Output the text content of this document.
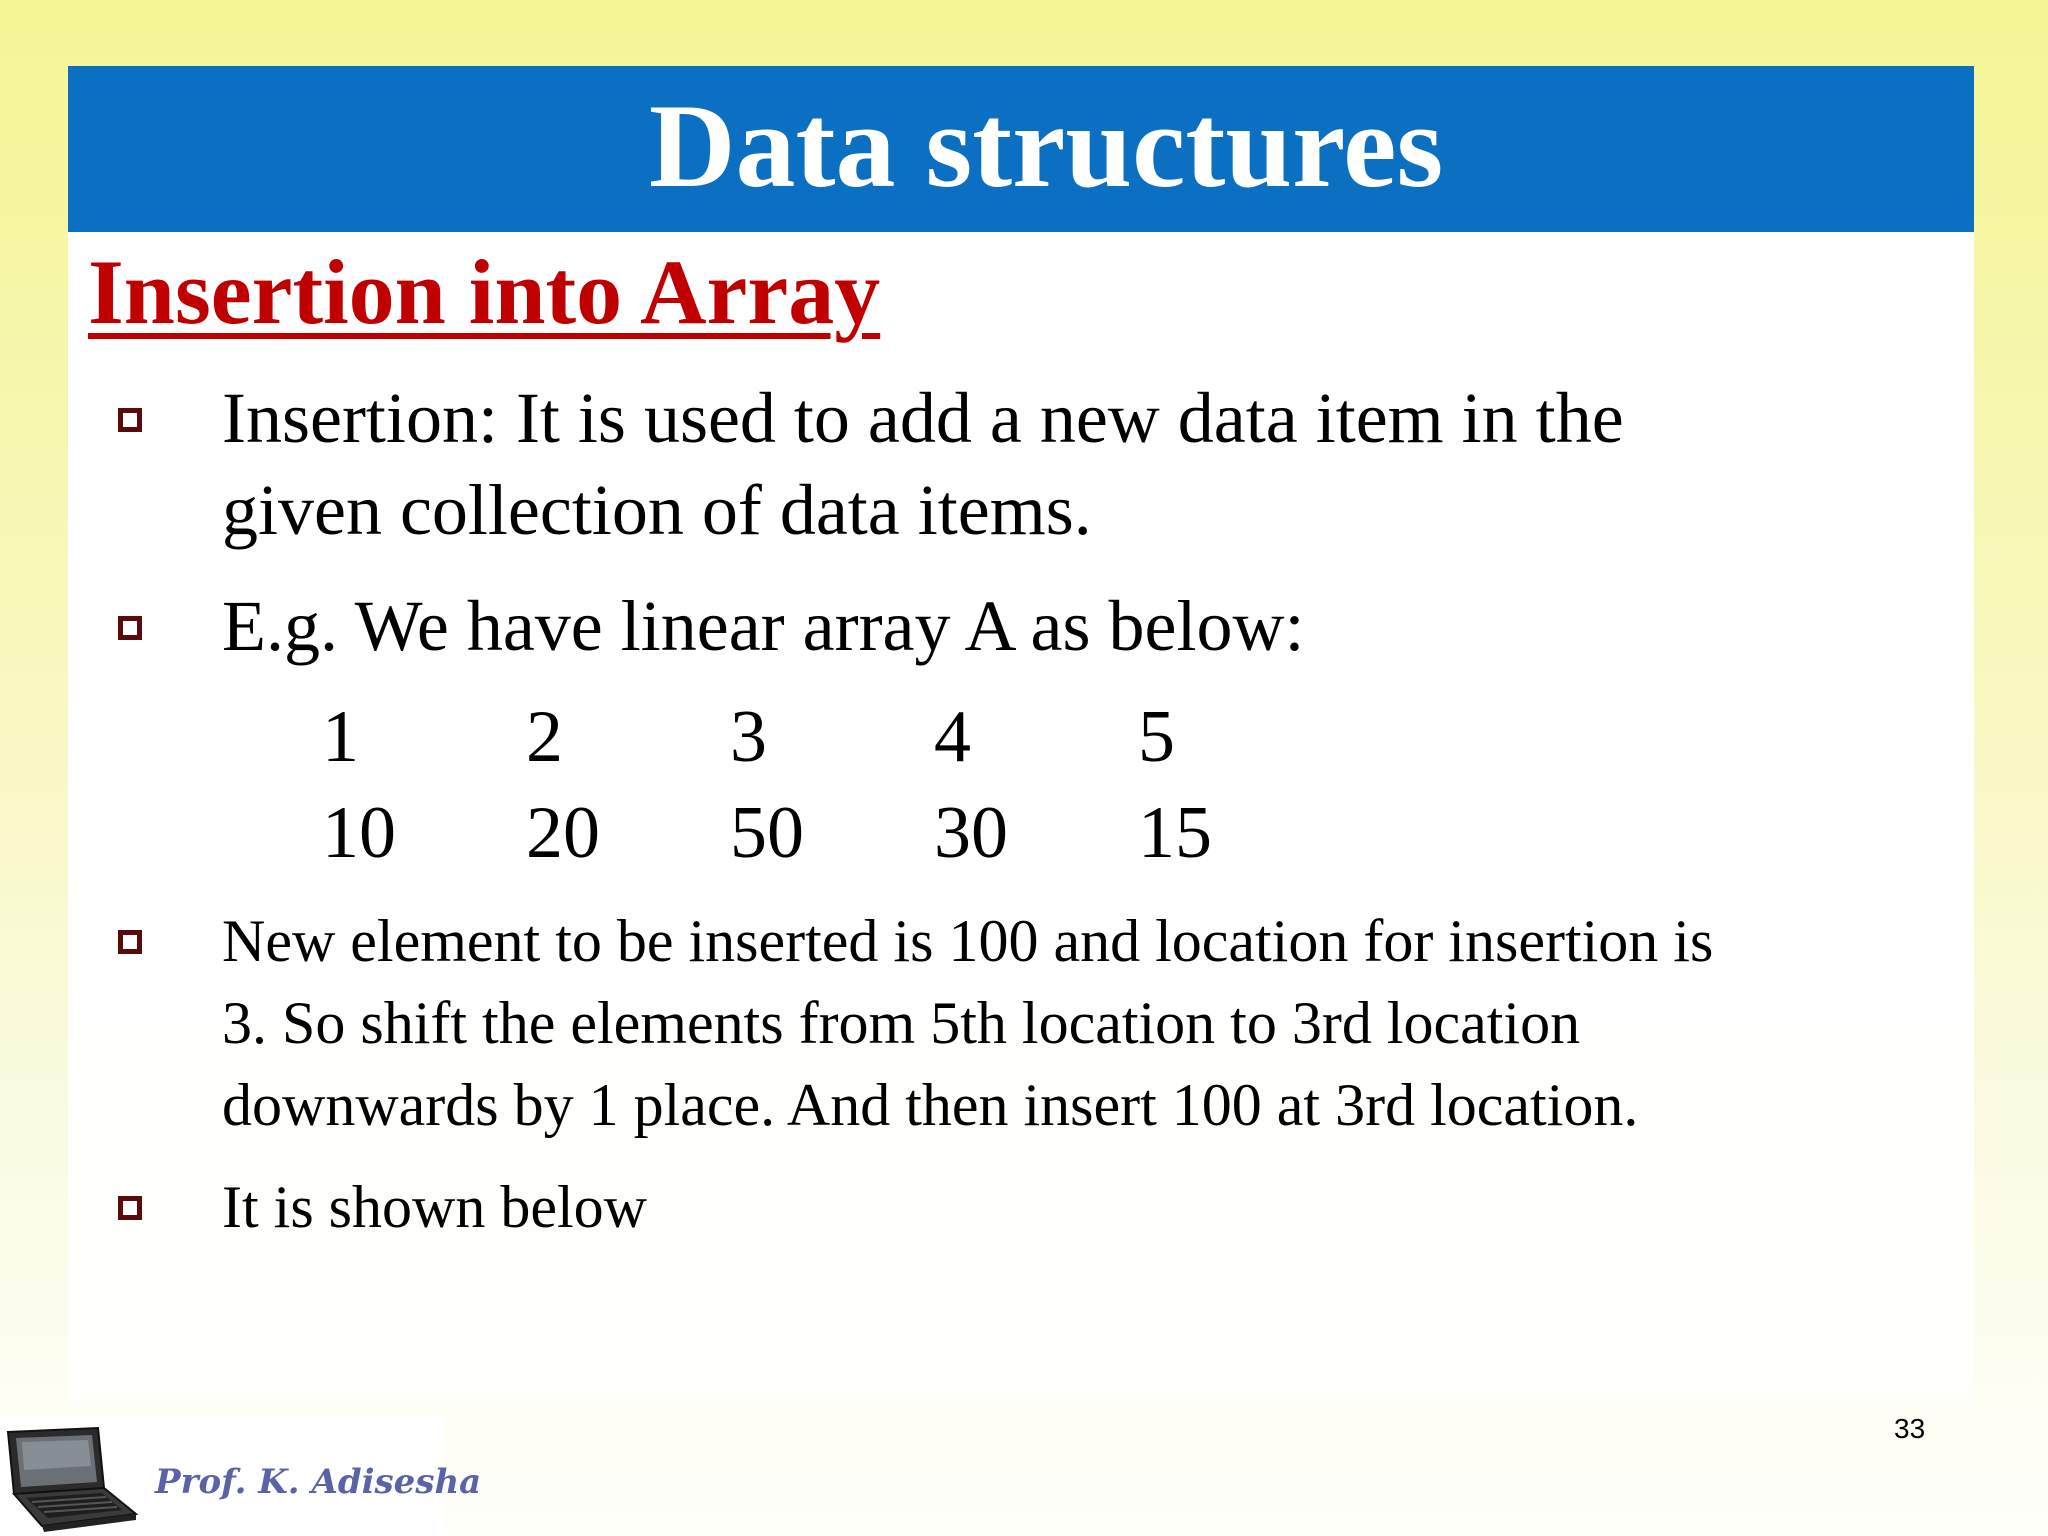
Data structures
Insertion into Array
Insertion: It is used to add a new data item in the
given collection of data items.
E.g. We have linear array A as below:
1	2	3	4	5
10	20	50	30	15
New element to be inserted is 100 and location for insertion is
3. So shift the elements from 5th location to 3rd location
downwards by 1 place. And then insert 100 at 3rd location.
It is shown below
33
Prof. K. Adisesha
